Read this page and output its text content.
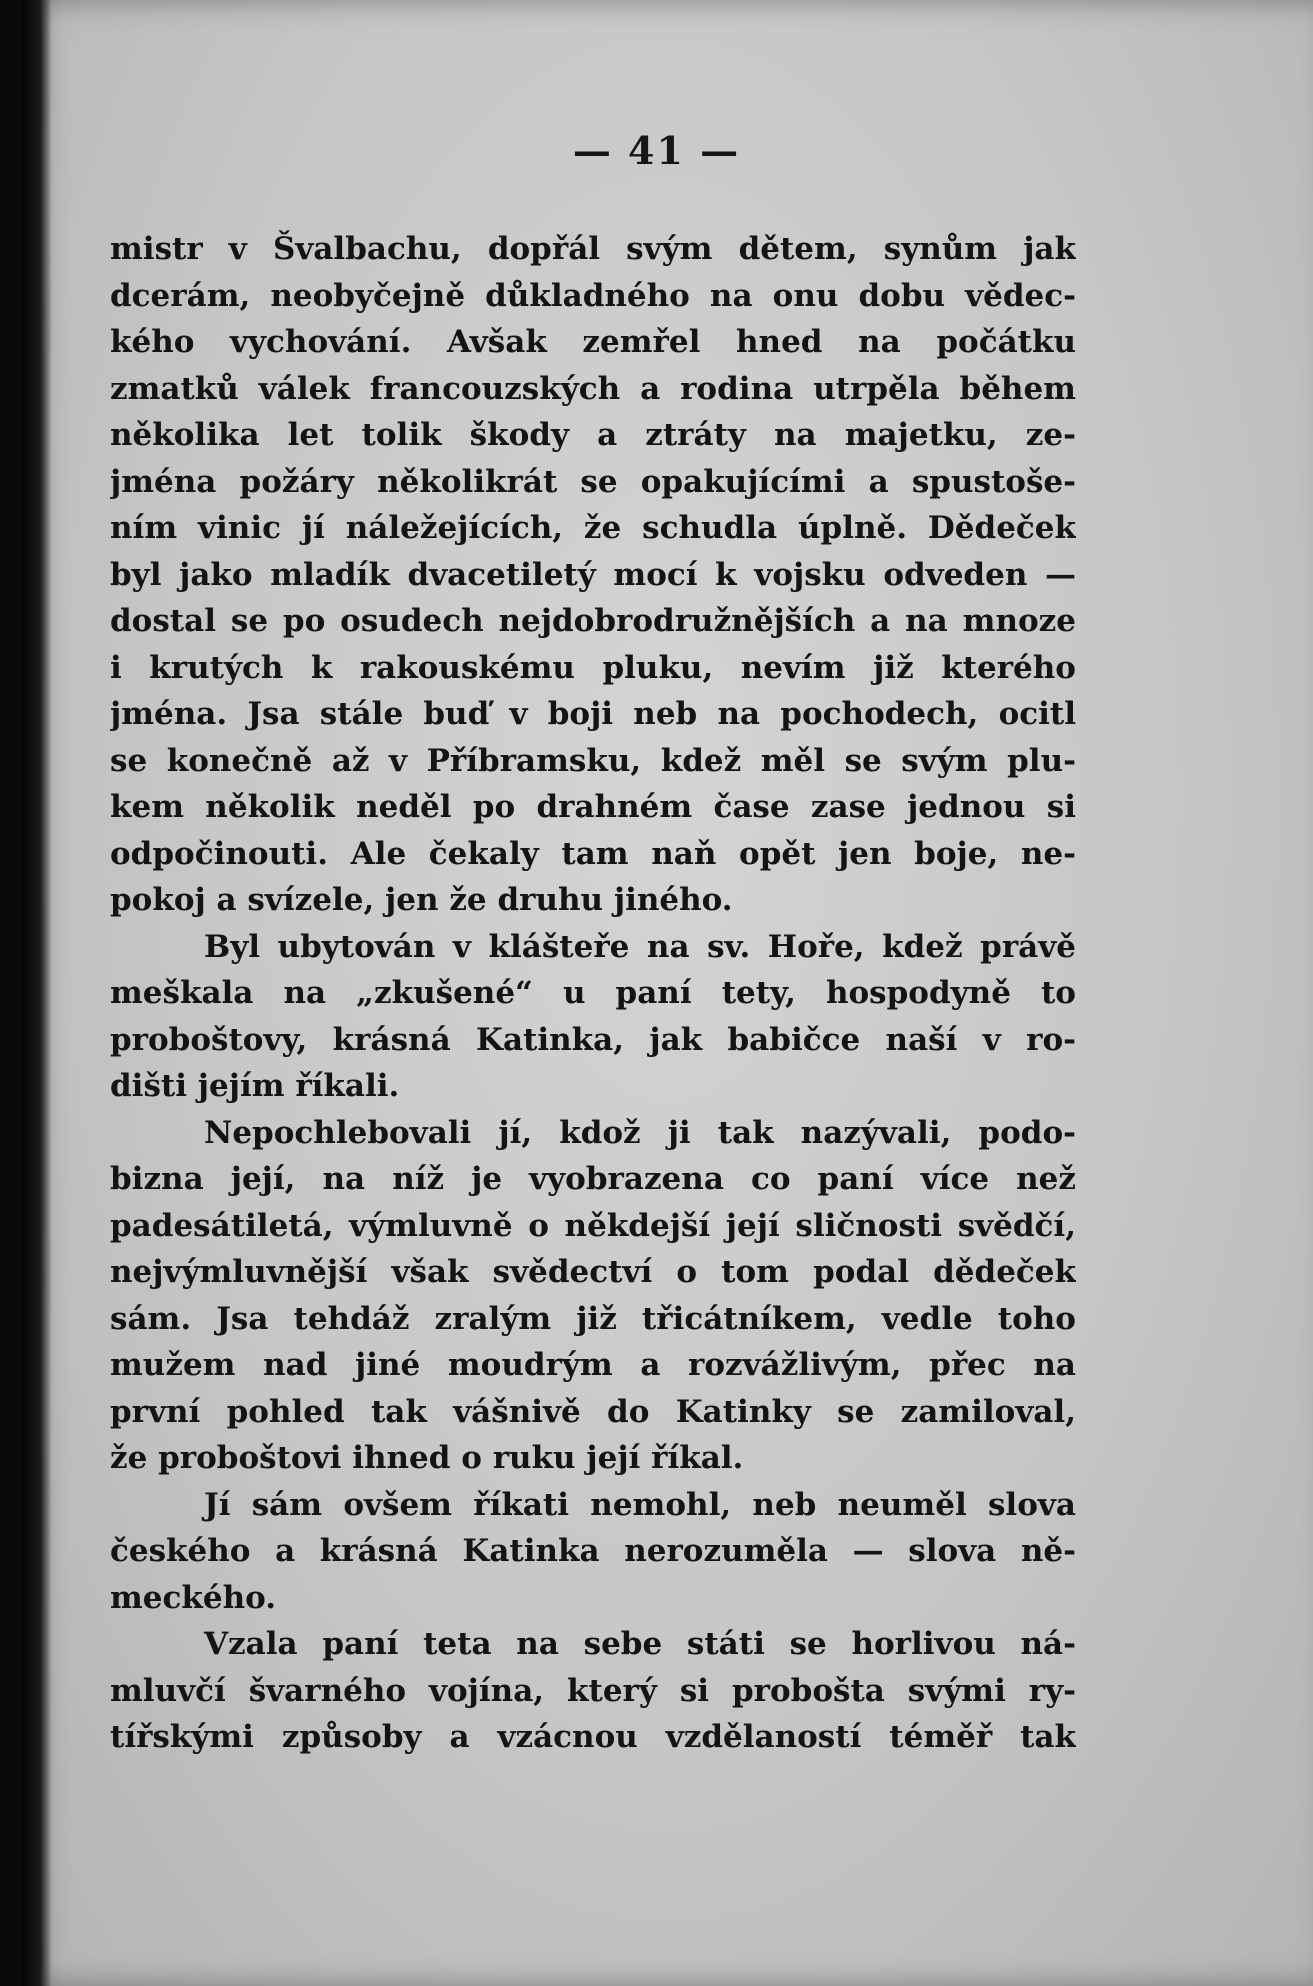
— 41 —
mistr v Švalbachu, dopřál svým dětem, synům jak
dcerám, neobyčejně důkladného na onu dobu vědec-
kého vychování. Avšak zemřel hned na počátku
zmatků válek francouzských a rodina utrpěla během
několika let tolik škody a ztráty na majetku, ze-
jména požáry několikrát se opakujícími a spustoše-
ním vinic jí náležejících, že schudla úplně. Dědeček
byl jako mladík dvacetiletý mocí k vojsku odveden —
dostal se po osudech nejdobrodružnějších a na mnoze
i krutých k rakouskému pluku, nevím již kterého
jména. Jsa stále buď v boji neb na pochodech, ocitl
se konečně až v Příbramsku, kdež měl se svým plu-
kem několik neděl po drahném čase zase jednou si
odpočinouti. Ale čekaly tam naň opět jen boje, ne-
pokoj a svízele, jen že druhu jiného.
Byl ubytován v klášteře na sv. Hoře, kdež právě
meškala na „zkušené“ u paní tety, hospodyně to
proboštovy, krásná Katinka, jak babičce naší v ro-
dišti jejím říkali.
Nepochlebovali jí, kdož ji tak nazývali, podo-
bizna její, na níž je vyobrazena co paní více než
padesátiletá, výmluvně o někdejší její sličnosti svědčí,
nejvýmluvnější však svědectví o tom podal dědeček
sám. Jsa tehdáž zralým již třicátníkem, vedle toho
mužem nad jiné moudrým a rozvážlivým, přec na
první pohled tak vášnivě do Katinky se zamiloval,
že proboštovi ihned o ruku její říkal.
Jí sám ovšem říkati nemohl, neb neuměl slova
českého a krásná Katinka nerozuměla — slova ně-
meckého.
Vzala paní teta na sebe státi se horlivou ná-
mluvčí švarného vojína, který si probošta svými ry-
tířskými způsoby a vzácnou vzdělaností téměř tak
